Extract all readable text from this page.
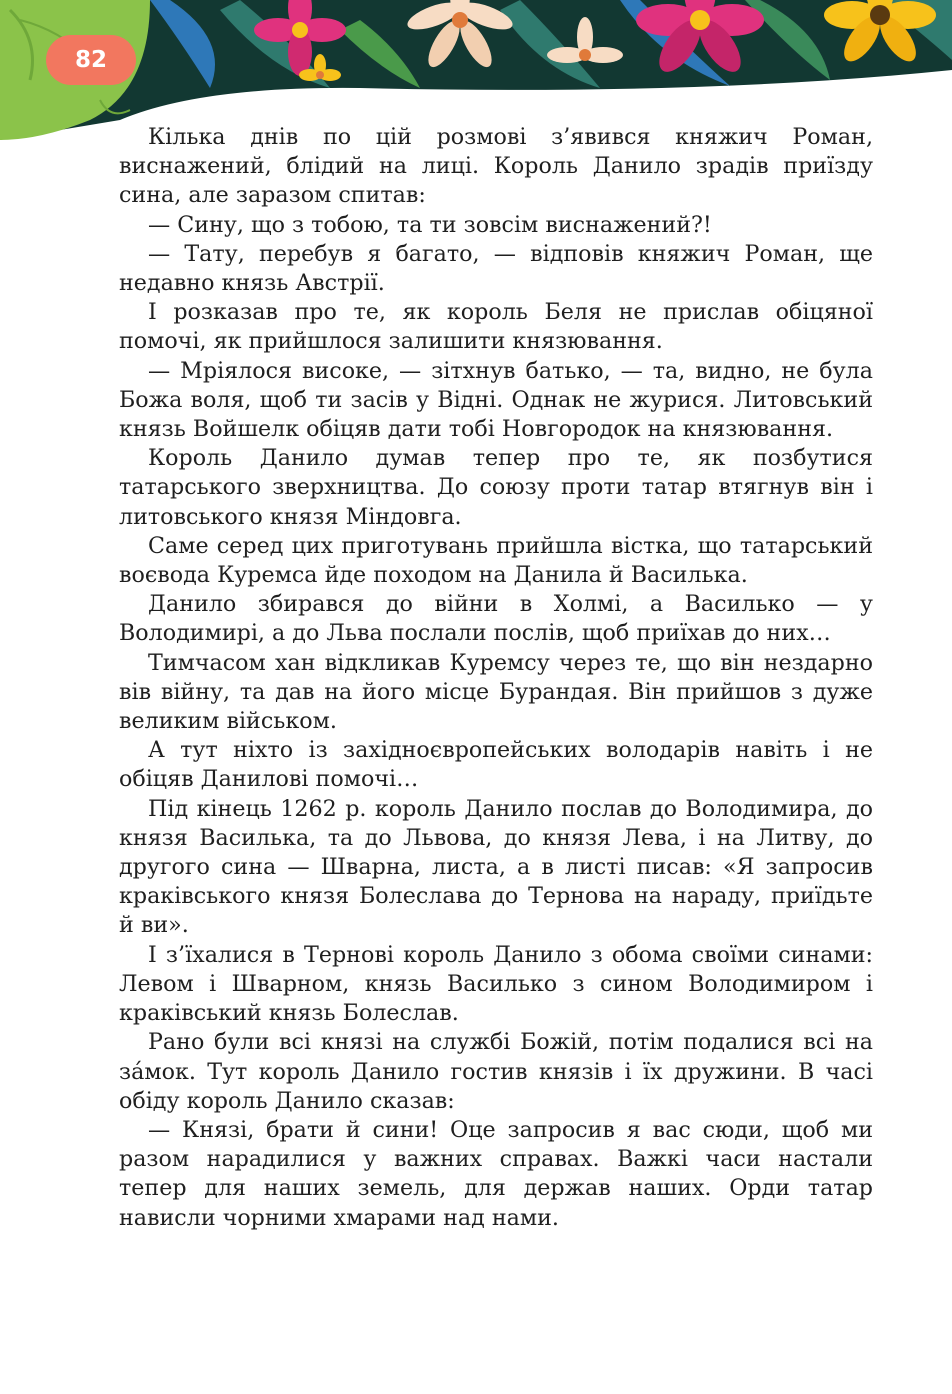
82

Кілька днів по цій розмові з’явився княжич Роман, виснажений, блідий на лиці. Король Данило зрадів приїзду сина, але заразом спитав:

— Сину, що з тобою, та ти зовсім виснажений?!

— Тату, перебув я багато, — відповів княжич Роман, ще недавно князь Австрії.

І розказав про те, як король Беля не прислав обіцяної помочі, як прийшлося залишити князювання.

— Мріялося високе, — зітхнув батько, — та, видно, не була Божа воля, щоб ти засів у Відні. Однак не журися. Литовський князь Войшелк обіцяв дати тобі Новгородок на князювання.

Король Данило думав тепер про те, як позбутися татарського зверхництва. До союзу проти татар втягнув він і литовського князя Міндовга.

Саме серед цих приготувань прийшла вістка, що татарський воєвода Куремса йде походом на Данила й Василька.

Данило збирався до війни в Холмі, а Василько — у Володимирі, а до Льва послали послів, щоб приїхав до них…

Тимчасом хан відкликав Куремсу через те, що він нездарно вів війну, та дав на його місце Бурандая. Він прийшов з дуже великим військом.

А тут ніхто із західноєвропейських володарів навіть і не обіцяв Данилові помочі…

Під кінець 1262 р. король Данило послав до Володимира, до князя Василька, та до Львова, до князя Лева, і на Литву, до другого сина — Шварна, листа, а в листі писав: «Я запросив краківського князя Болеслава до Тернова на нараду, приїдьте й ви».

І з’їхалися в Тернові король Данило з обома своїми синами: Левом і Шварном, князь Василько з сином Володимиром і краківський князь Болеслав.

Рано були всі князі на службі Божій, потім подалися всі на за́мок. Тут король Данило гостив князів і їх дружини. В часі обіду король Данило сказав:

— Князі, брати й сини! Оце запросив я вас сюди, щоб ми разом нарадилися у важних справах. Важкі часи настали тепер для наших земель, для держав наших. Орди татар нависли чорними хмарами над нами.
